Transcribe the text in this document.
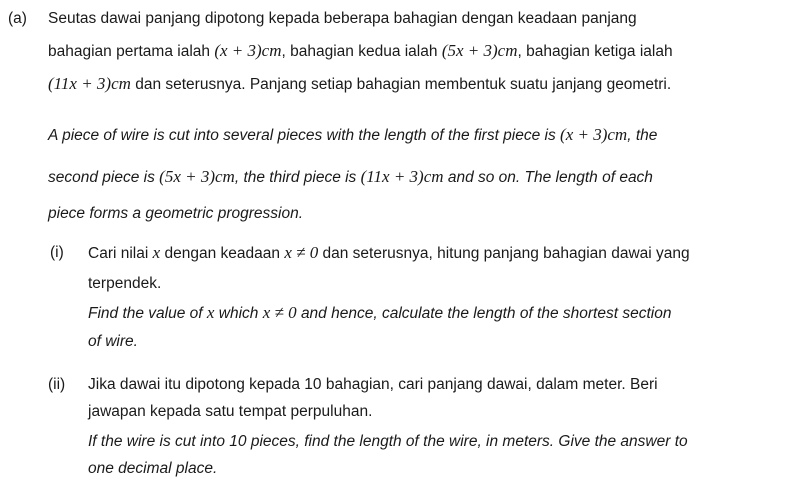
(a) Seutas dawai panjang dipotong kepada beberapa bahagian dengan keadaan panjang
bahagian pertama ialah (x + 3)cm, bahagian kedua ialah (5x + 3)cm, bahagian ketiga ialah
(11x + 3)cm dan seterusnya. Panjang setiap bahagian membentuk suatu janjang geometri.
A piece of wire is cut into several pieces with the length of the first piece is (x + 3)cm, the
second piece is (5x + 3)cm, the third piece is (11x + 3)cm and so on. The length of each
piece forms a geometric progression.
(i) Cari nilai x dengan keadaan x ≠ 0 dan seterusnya, hitung panjang bahagian dawai yang
terpendek.
Find the value of x which x ≠ 0 and hence, calculate the length of the shortest section
of wire.
(ii) Jika dawai itu dipotong kepada 10 bahagian, cari panjang dawai, dalam meter. Beri
jawapan kepada satu tempat perpuluhan.
If the wire is cut into 10 pieces, find the length of the wire, in meters. Give the answer to
one decimal place.
